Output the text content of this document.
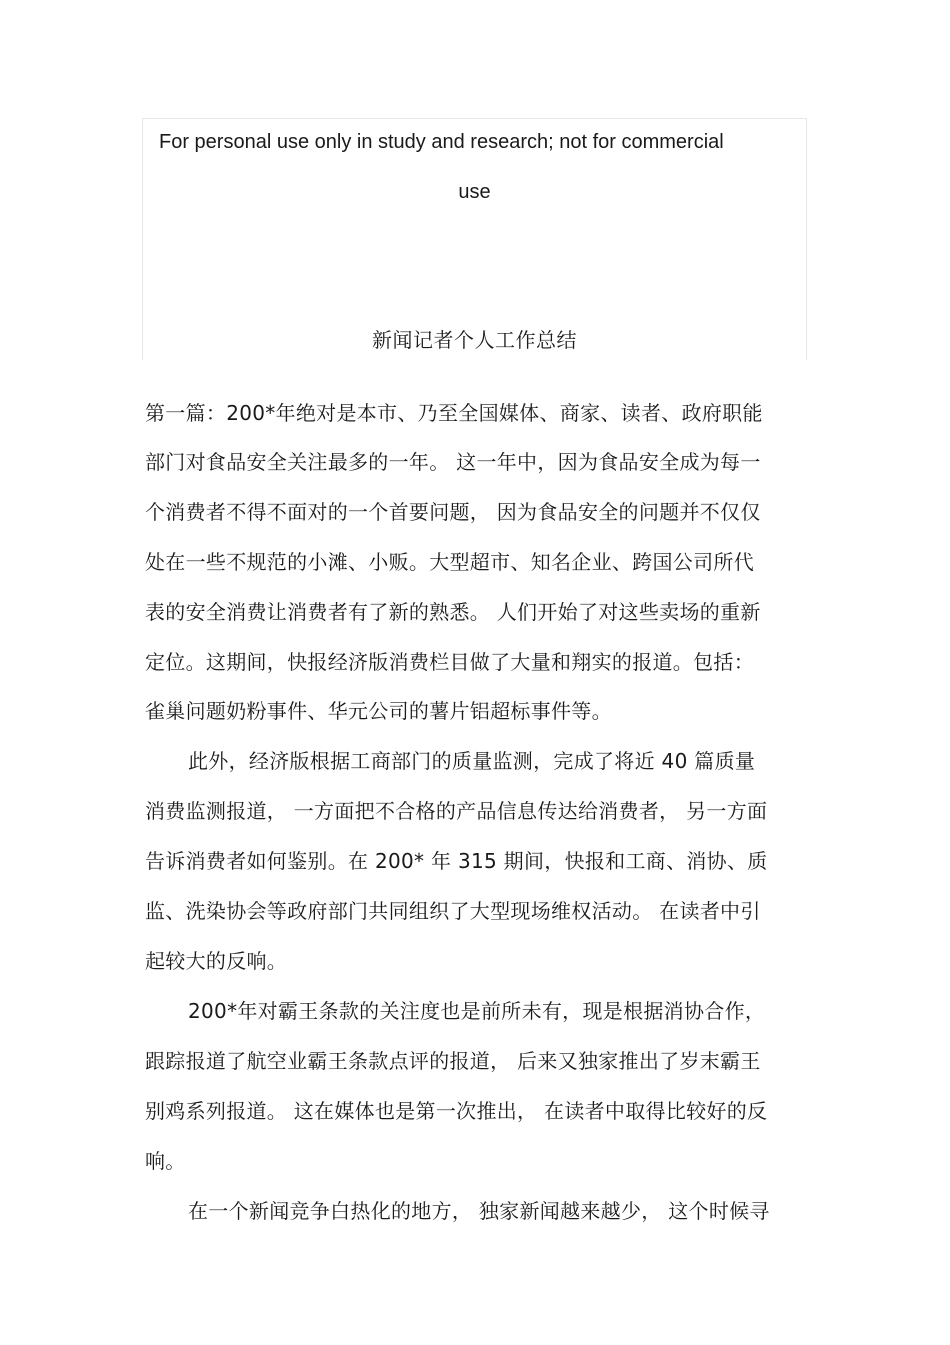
For personal use only in study and research; not for commercial
use
新闻记者个人工作总结
第一篇：200*年绝对是本市、乃至全国媒体、商家、读者、政府职能
部门对食品安全关注最多的一年。 这一年中，因为食品安全成为每一
个消费者不得不面对的一个首要问题， 因为食品安全的问题并不仅仅
处在一些不规范的小滩、小贩。大型超市、知名企业、跨国公司所代
表的安全消费让消费者有了新的熟悉。 人们开始了对这些卖场的重新
定位。这期间，快报经济版消费栏目做了大量和翔实的报道。包括：
雀巢问题奶粉事件、华元公司的薯片铝超标事件等。
此外，经济版根据工商部门的质量监测，完成了将近 40 篇质量
消费监测报道， 一方面把不合格的产品信息传达给消费者， 另一方面
告诉消费者如何鉴别。在 200* 年 315 期间，快报和工商、消协、质
监、洗染协会等政府部门共同组织了大型现场维权活动。 在读者中引
起较大的反响。
200*年对霸王条款的关注度也是前所未有，现是根据消协合作，
跟踪报道了航空业霸王条款点评的报道， 后来又独家推出了岁末霸王
别鸡系列报道。 这在媒体也是第一次推出， 在读者中取得比较好的反
响。
在一个新闻竞争白热化的地方， 独家新闻越来越少， 这个时候寻
